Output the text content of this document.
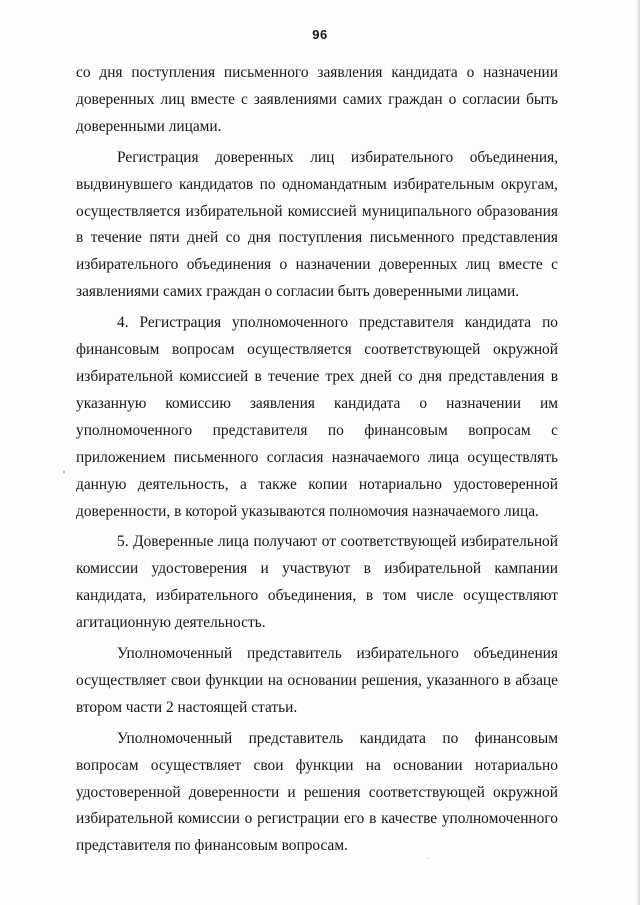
96

со дня поступления письменного заявления кандидата о назначении доверенных лиц вместе с заявлениями самих граждан о согласии быть доверенными лицами.

Регистрация доверенных лиц избирательного объединения, выдвинувшего кандидатов по одномандатным избирательным округам, осуществляется избирательной комиссией муниципального образования в течение пяти дней со дня поступления письменного представления избирательного объединения о назначении доверенных лиц вместе с заявлениями самих граждан о согласии быть доверенными лицами.

4. Регистрация уполномоченного представителя кандидата по финансовым вопросам осуществляется соответствующей окружной избирательной комиссией в течение трех дней со дня представления в указанную комиссию заявления кандидата о назначении им уполномоченного представителя по финансовым вопросам с приложением письменного согласия назначаемого лица осуществлять данную деятельность, а также копии нотариально удостоверенной доверенности, в которой указываются полномочия назначаемого лица.

5. Доверенные лица получают от соответствующей избирательной комиссии удостоверения и участвуют в избирательной кампании кандидата, избирательного объединения, в том числе осуществляют агитационную деятельность.

Уполномоченный представитель избирательного объединения осуществляет свои функции на основании решения, указанного в абзаце втором части 2 настоящей статьи.

Уполномоченный представитель кандидата по финансовым вопросам осуществляет свои функции на основании нотариально удостоверенной доверенности и решения соответствующей окружной избирательной комиссии о регистрации его в качестве уполномоченного представителя по финансовым вопросам.
